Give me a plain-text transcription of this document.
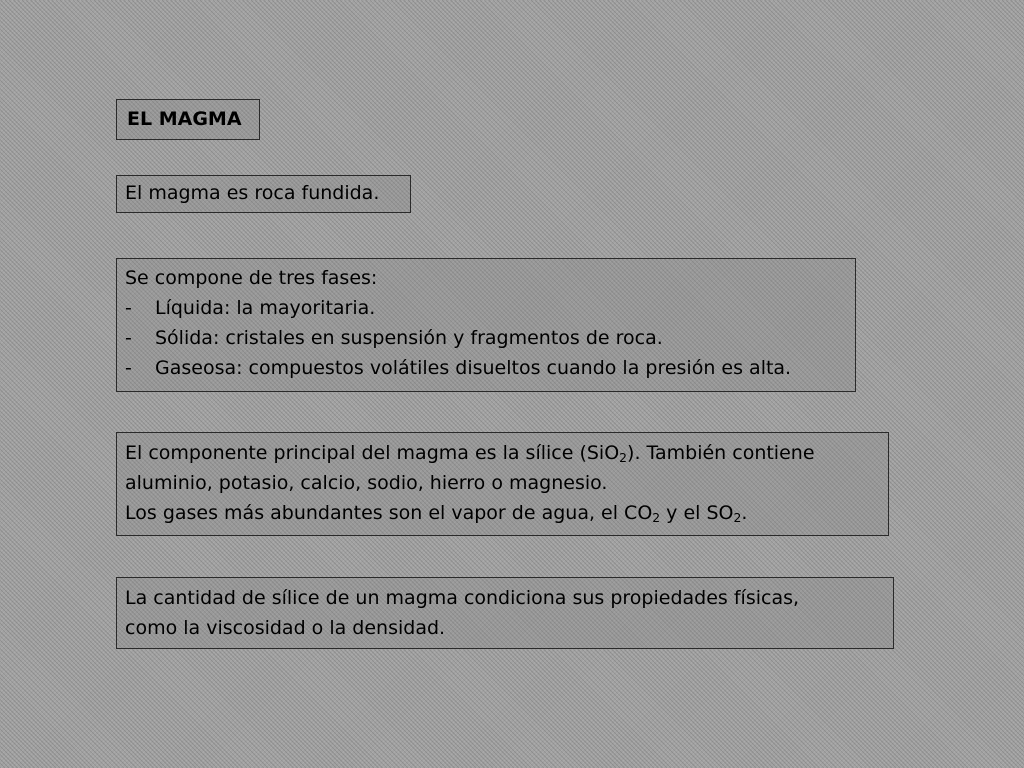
EL MAGMA
El magma es roca fundida.
Se compone de tres fases:
- Líquida: la mayoritaria.
- Sólida: cristales en suspensión y fragmentos de roca.
- Gaseosa: compuestos volátiles disueltos cuando la presión es alta.
El componente principal del magma es la sílice (SiO$_2$). También contiene
aluminio, potasio, calcio, sodio, hierro o magnesio.
Los gases más abundantes son el vapor de agua, el $CO_2$ y el $SO_2$.
La cantidad de sílice de un magma condiciona sus propiedades físicas,
como la viscosidad o la densidad.
